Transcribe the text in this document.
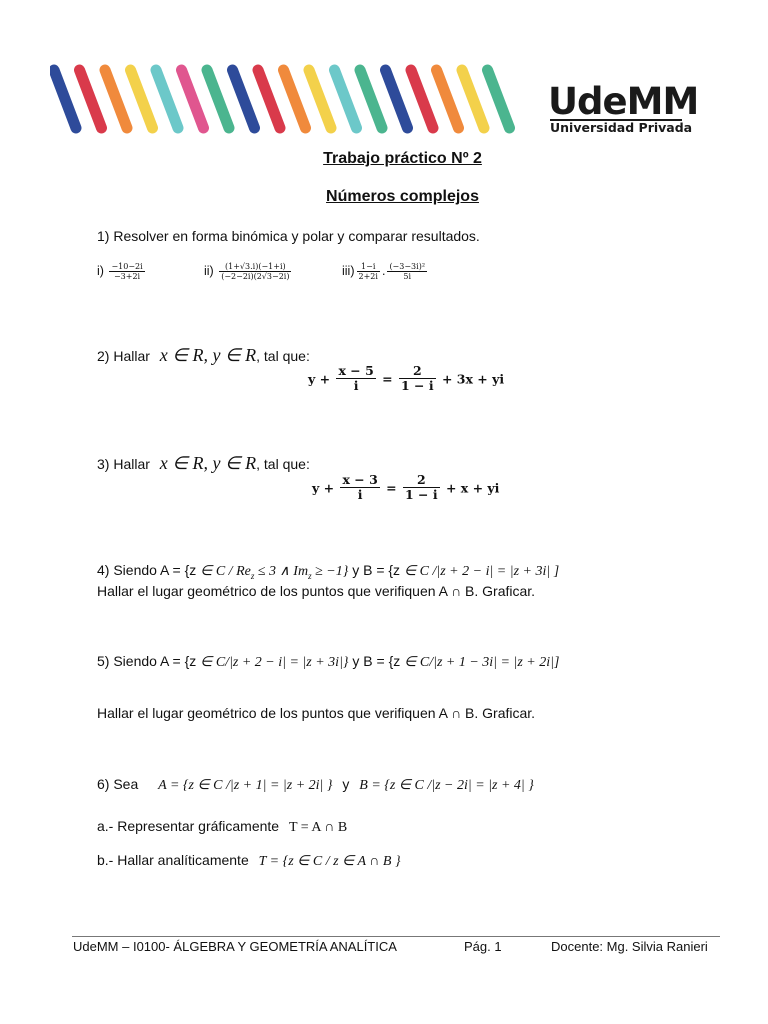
UdeMM
Universidad Privada
Trabajo práctico Nº 2
Números complejos
1) Resolver en forma binómica y polar y comparar resultados.
$i) \frac{-10-2i}{-3+2i}$	$ii) \frac{(1+√3.i)(-1+i)}{(-2-2i)(2√3-2i)}$	$iii) \frac{1-i}{2+2i}$ . $\frac{\text{(−3−3i)²}}{5i}$
2) Hallar x ∈ R, y ∈ R, tal que:
$y + \frac{x - 5}{i} = \frac{2}{1 - i} + 3x$ + yi
3) Hallar x ∈ R, y ∈ R, tal que:
$y + \frac{x - 3}{i} = \frac{2}{1 - i} + x$ + yi
4) Siendo A = {z ∈ $C / Re_z \le 3$ ∧ $Im_z \ge -1$} y B = {z ∈ C /|z + 2 − i| = |z + 3i| ]
Hallar el lugar geométrico de los puntos que verifiquen A ∩ B. Graficar.
5) Siendo A = {z ∈ C/|z + 2 − i| = |z + 3i|} y B = {z ∈ C/|z + 1 − 3i| = |z + 2i|]
Hallar el lugar geométrico de los puntos que verifiquen A ∩ B. Graficar.
6) Sea A = {z ∈ C /|z + 1| = |z + 2i| } y B = {z ∈ C /|z − 2i| = |z + 4| }
a.- Representar gráficamente T = A ∩ B
b.- Hallar analíticamente T = {z ∈ C / z ∈ A ∩ B }
UdeMM – I0100- ÁLGEBRA Y GEOMETRÍA ANALÍTICA	Pág. 1	Docente: Mg. Silvia Ranieri
